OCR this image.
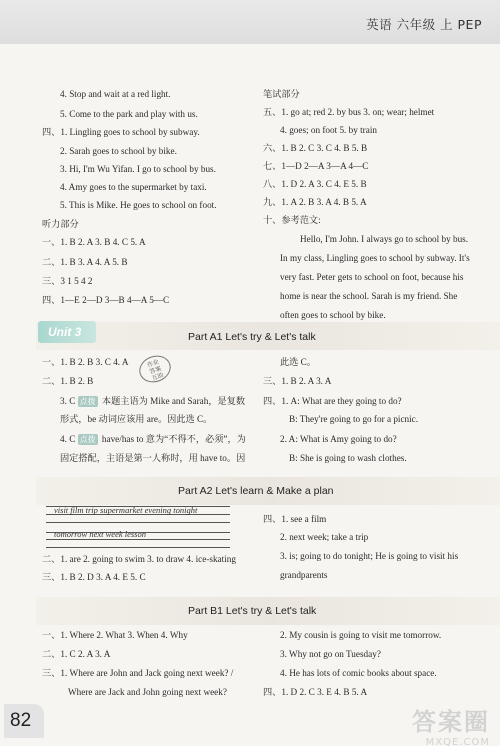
英语 六年级 上 PEP
4. Stop and wait at a red light.
5. Come to the park and play with us.
四、1. Lingling goes to school by subway.
2. Sarah goes to school by bike.
3. Hi, I'm Wu Yifan. I go to school by bus.
4. Amy goes to the supermarket by taxi.
5. This is Mike. He goes to school on foot.
听力部分
一、1. B 2. A 3. B 4. C 5. A
二、1. B 3. A 4. A 5. B
三、3 1 5 4 2
四、1—E 2—D 3—B 4—A 5—C
笔试部分
五、1. go at; red 2. by bus 3. on; wear; helmet
4. goes; on foot 5. by train
六、1. B 2. C 3. C 4. B 5. B
七、1—D 2—A 3—A 4—C
八、1. D 2. A 3. C 4. E 5. B
九、1. A 2. B 3. A 4. B 5. A
十、参考范文:
Hello, I'm John. I always go to school by bus.
In my class, Lingling goes to school by subway. It's
very fast. Peter gets to school on foot, because his
home is near the school. Sarah is my friend. She
often goes to school by bike.
Unit 3	Part A1 Let's try & Let's talk
一、1. B 2. B 3. C 4. A	作业
答案
互助
二、1. B 2. B
3. C 点拨 本题主语为 Mike and Sarah，是复数
形式，be 动词应该用 are。因此选 C。
4. C 点拨 have/has to 意为“不得不，必须”，为
固定搭配，主语是第一人称时，用 have to。因
此选 C。
三、1. B 2. A 3. A
四、1. A: What are they going to do?
B: They're going to go for a picnic.
2. A: What is Amy going to do?
B: She is going to wash clothes.
Part A2 Let's learn & Make a plan
visit film trip supermarket evening tonight
tomorrow next week lesson
二、1. are 2. going to swim 3. to draw 4. ice-skating
三、1. B 2. D 3. A 4. E 5. C
四、1. see a film
2. next week; take a trip
3. is; going to do tonight; He is going to visit his
grandparents
Part B1 Let's try & Let's talk
一、1. Where 2. What 3. When 4. Why
二、1. C 2. A 3. A
三、1. Where are John and Jack going next week? /
Where are Jack and John going next week?
2. My cousin is going to visit me tomorrow.
3. Why not go on Tuesday?
4. He has lots of comic books about space.
四、1. D 2. C 3. E 4. B 5. A
82	答案圈
MXQE.COM
